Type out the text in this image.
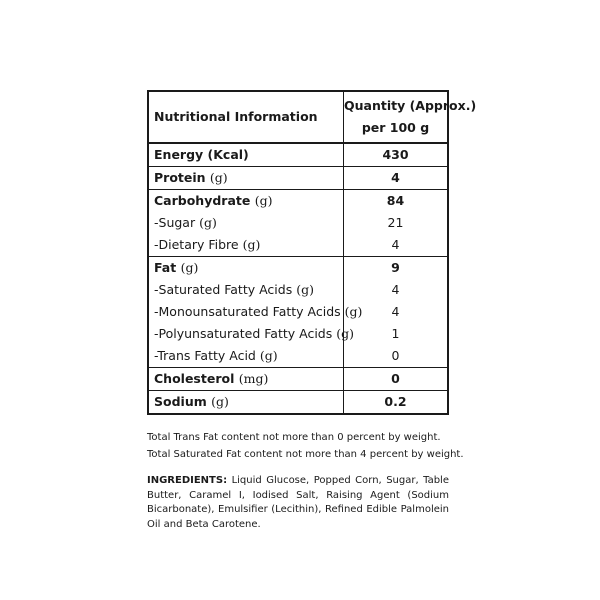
Nutritional Information	Quantity (Approx.)
per 100 g

Energy (Kcal)	430
Protein (g)	4
Carbohydrate (g)	84
-Sugar (g)	21
-Dietary Fibre (g)	4
Fat (g)	9
-Saturated Fatty Acids (g)	4
-Monounsaturated Fatty Acids (g)	4
-Polyunsaturated Fatty Acids (g)	1
-Trans Fatty Acid (g)	0
Cholesterol (mg)	0
Sodium (g)	0.2

Total Trans Fat content not more than 0 percent by weight.

Total Saturated Fat content not more than 4 percent by weight.

INGREDIENTS: Liquid Glucose, Popped Corn, Sugar, Table Butter, Caramel I, Iodised Salt, Raising Agent (Sodium Bicarbonate), Emulsifier (Lecithin), Refined Edible Palmolein Oil and Beta Carotene.
